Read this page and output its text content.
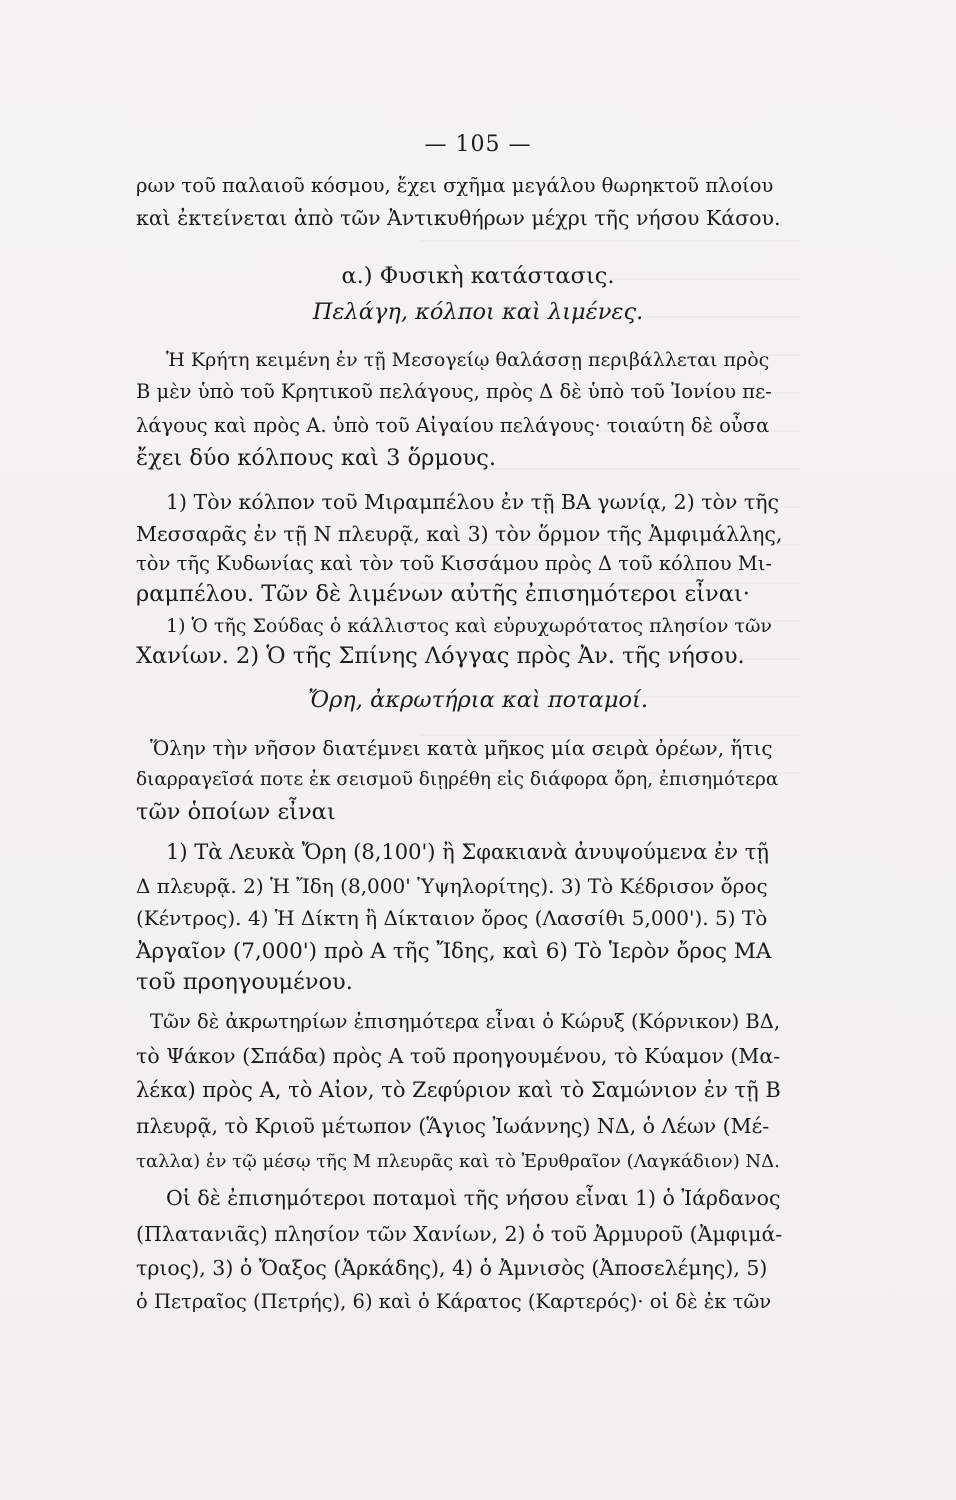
— 105 —
ρων τοῦ παλαιοῦ κόσμου, ἔχει σχῆμα μεγάλου θωρηκτοῦ πλοίου
καὶ ἐκτείνεται ἀπὸ τῶν Ἀντικυθήρων μέχρι τῆς νήσου Κάσου.
α.) Φυσικὴ κατάστασις.
Πελάγη, κόλποι καὶ λιμένες.
Ἡ Κρήτη κειμένη ἐν τῇ Μεσογείῳ θαλάσσῃ περιβάλλεται πρὸς
Β μὲν ὑπὸ τοῦ Κρητικοῦ πελάγους, πρὸς Δ δὲ ὑπὸ τοῦ Ἰονίου πε-
λάγους καὶ πρὸς Α. ὑπὸ τοῦ Αἰγαίου πελάγους· τοιαύτη δὲ οὖσα
ἔχει δύο κόλπους καὶ 3 ὅρμους.
1) Τὸν κόλπον τοῦ Μιραμπέλου ἐν τῇ ΒΑ γωνίᾳ, 2) τὸν τῆς
Μεσσαρᾶς ἐν τῇ Ν πλευρᾷ, καὶ 3) τὸν ὅρμον τῆς Ἀμφιμάλλης,
τὸν τῆς Κυδωνίας καὶ τὸν τοῦ Κισσάμου πρὸς Δ τοῦ κόλπου Μι-
ραμπέλου. Τῶν δὲ λιμένων αὐτῆς ἐπισημότεροι εἶναι·
1) Ὁ τῆς Σούδας ὁ κάλλιστος καὶ εὐρυχωρότατος πλησίον τῶν
Χανίων. 2) Ὁ τῆς Σπίνης Λόγγας πρὸς Ἀν. τῆς νήσου.
Ὄρη, ἀκρωτήρια καὶ ποταμοί.
Ὅλην τὴν νῆσον διατέμνει κατὰ μῆκος μία σειρὰ ὀρέων, ἥτις
διαρραγεῖσά ποτε ἐκ σεισμοῦ διῃρέθη εἰς διάφορα ὄρη, ἐπισημότερα
τῶν ὁποίων εἶναι
1) Τὰ Λευκὰ Ὄρη (8,100') ἢ Σφακιανὰ ἀνυψούμενα ἐν τῇ
Δ πλευρᾷ. 2) Ἡ Ἴδη (8,000' Ὑψηλορίτης). 3) Τὸ Κέδρισον ὄρος
(Κέντρος). 4) Ἡ Δίκτη ἢ Δίκταιον ὄρος (Λασσίθι 5,000'). 5) Τὸ
Ἀργαῖον (7,000') πρὸ Α τῆς Ἴδης, καὶ 6) Τὸ Ἱερὸν ὄρος ΜΑ
τοῦ προηγουμένου.
Τῶν δὲ ἀκρωτηρίων ἐπισημότερα εἶναι ὁ Κώρυξ (Κόρνικον) ΒΔ,
τὸ Ψάκον (Σπάδα) πρὸς Α τοῦ προηγουμένου, τὸ Κύαμον (Μα-
λέκα) πρὸς Α, τὸ Αἰον, τὸ Ζεφύριον καὶ τὸ Σαμώνιον ἐν τῇ Β
πλευρᾷ, τὸ Κριοῦ μέτωπον (Ἅγιος Ἰωάννης) ΝΔ, ὁ Λέων (Μέ-
ταλλα) ἐν τῷ μέσῳ τῆς Μ πλευρᾶς καὶ τὸ Ἐρυθραῖον (Λαγκάδιον) ΝΔ.
Οἱ δὲ ἐπισημότεροι ποταμοὶ τῆς νήσου εἶναι 1) ὁ Ἰάρδανος
(Πλατανιᾶς) πλησίον τῶν Χανίων, 2) ὁ τοῦ Ἀρμυροῦ (Ἀμφιμά-
τριος), 3) ὁ Ὄαξος (Ἀρκάδης), 4) ὁ Ἀμνισὸς (Ἀποσελέμης), 5)
ὁ Πετραῖος (Πετρής), 6) καὶ ὁ Κάρατος (Καρτερός)· οἱ δὲ ἐκ τῶν
